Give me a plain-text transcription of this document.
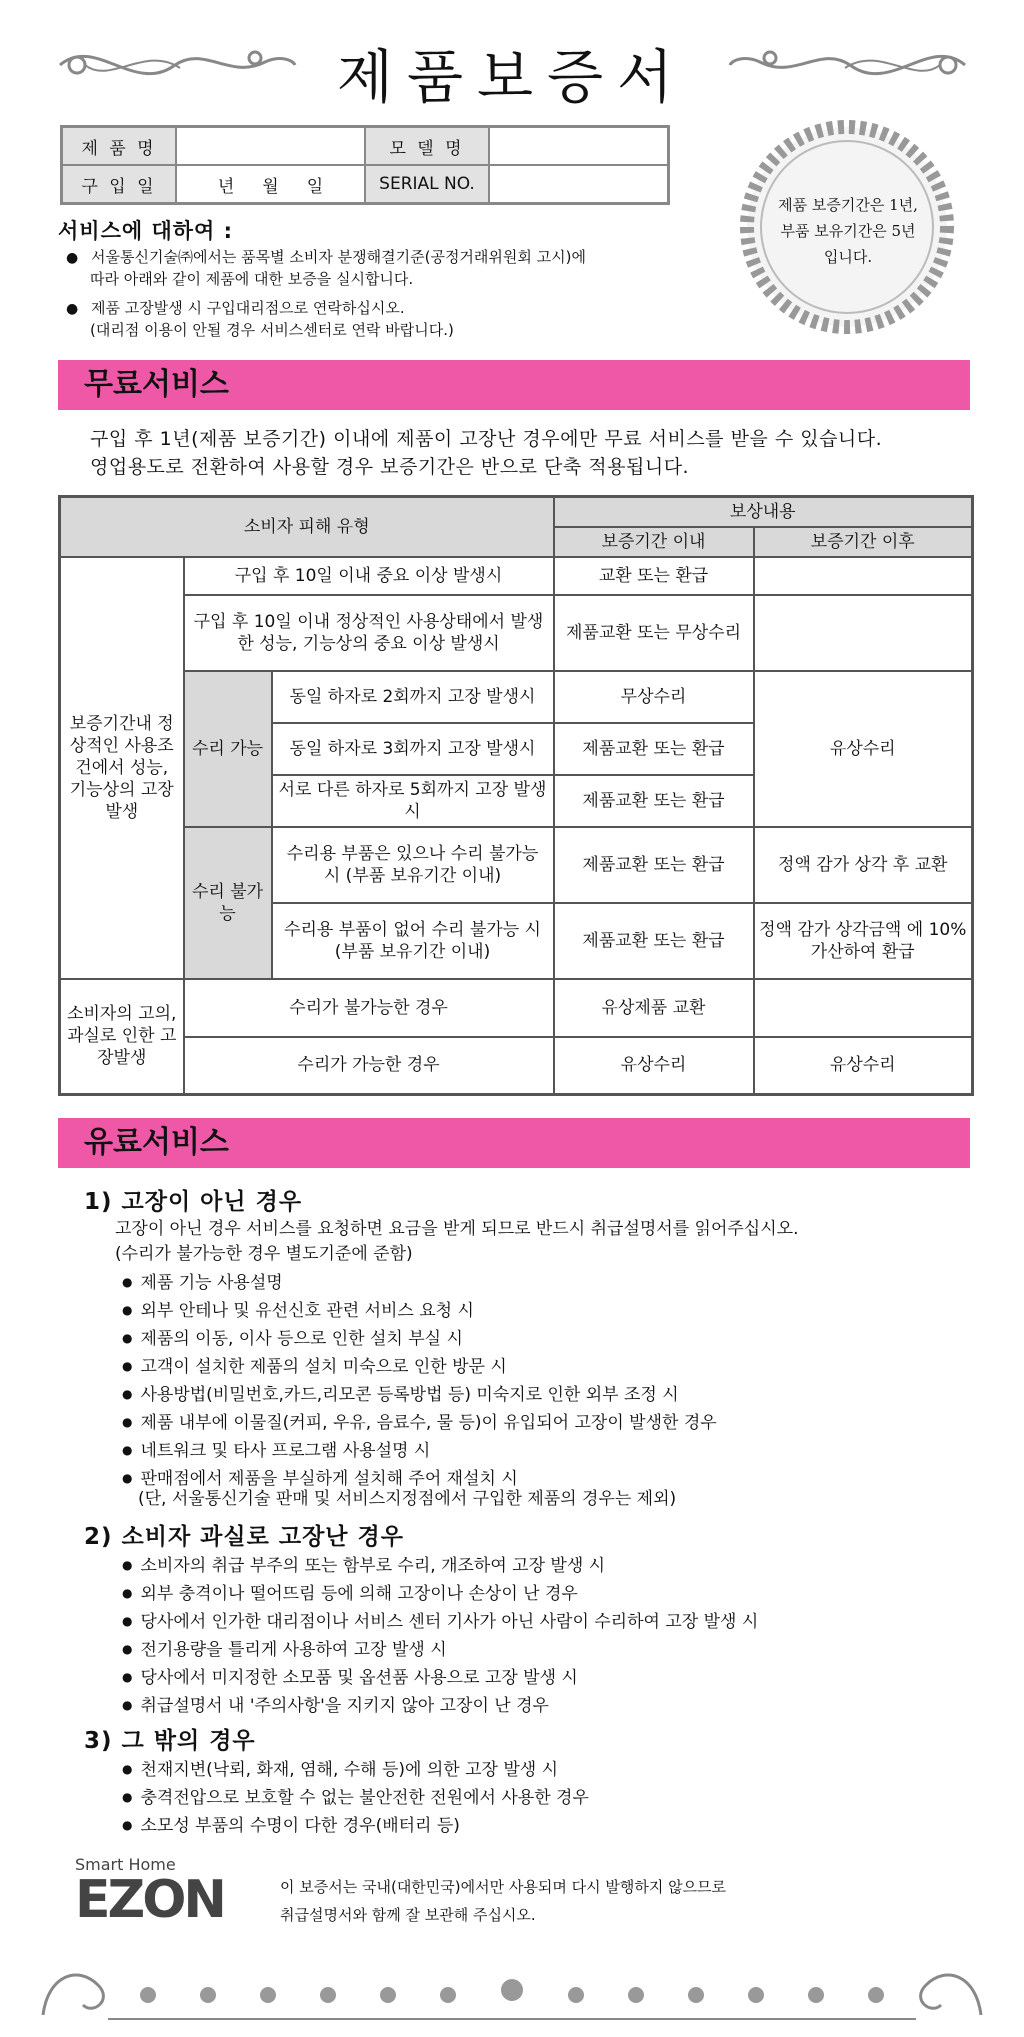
제품보증서
제 품 명		모 델 명	
구 입 일	년 월 일	SERIAL NO.	
제품 보증기간은 1년,
부품 보유기간은 5년
입니다.
서비스에 대하여 :
● 서울통신기술㈜에서는 품목별 소비자 분쟁해결기준(공정거래위원회 고시)에
따라 아래와 같이 제품에 대한 보증을 실시합니다.
● 제품 고장발생 시 구입대리점으로 연락하십시오.
(대리점 이용이 안될 경우 서비스센터로 연락 바랍니다.)
무료서비스
구입 후 1년(제품 보증기간) 이내에 제품이 고장난 경우에만 무료 서비스를 받을 수 있습니다.
영업용도로 전환하여 사용할 경우 보증기간은 반으로 단축 적용됩니다.
소비자 피해 유형			보상내용	
			보증기간 이내	보증기간 이후
보증기간내 정상적인 사용조건에서 성능, 기능상의 고장발생	구입 후 10일 이내 중요 이상 발생시		교환 또는 환급	
	구입 후 10일 이내 정상적인 사용상태에서 발생한 성능, 기능상의 중요 이상 발생시		제품교환 또는 무상수리	
	수리 가능	동일 하자로 2회까지 고장 발생시	무상수리	유상수리
		동일 하자로 3회까지 고장 발생시	제품교환 또는 환급	
		서로 다른 하자로 5회까지 고장 발생시	제품교환 또는 환급	
	수리 불가능	수리용 부품은 있으나 수리 불가능 시 (부품 보유기간 이내)	제품교환 또는 환급	정액 감가 상각 후 교환
		수리용 부품이 없어 수리 불가능 시 (부품 보유기간 이내)	제품교환 또는 환급	정액 감가 상각금액 에 10% 가산하여 환급
소비자의 고의, 과실로 인한 고장발생	수리가 불가능한 경우		유상제품 교환	
	수리가 가능한 경우		유상수리	유상수리
유료서비스
1) 고장이 아닌 경우
고장이 아닌 경우 서비스를 요청하면 요금을 받게 되므로 반드시 취급설명서를 읽어주십시오.
(수리가 불가능한 경우 별도기준에 준함)
● 제품 기능 사용설명
● 외부 안테나 및 유선신호 관련 서비스 요청 시
● 제품의 이동, 이사 등으로 인한 설치 부실 시
● 고객이 설치한 제품의 설치 미숙으로 인한 방문 시
● 사용방법(비밀번호,카드,리모콘 등록방법 등) 미숙지로 인한 외부 조정 시
● 제품 내부에 이물질(커피, 우유, 음료수, 물 등)이 유입되어 고장이 발생한 경우
● 네트워크 및 타사 프로그램 사용설명 시
● 판매점에서 제품을 부실하게 설치해 주어 재설치 시
(단, 서울통신기술 판매 및 서비스지정점에서 구입한 제품의 경우는 제외)
2) 소비자 과실로 고장난 경우
● 소비자의 취급 부주의 또는 함부로 수리, 개조하여 고장 발생 시
● 외부 충격이나 떨어뜨림 등에 의해 고장이나 손상이 난 경우
● 당사에서 인가한 대리점이나 서비스 센터 기사가 아닌 사람이 수리하여 고장 발생 시
● 전기용량을 틀리게 사용하여 고장 발생 시
● 당사에서 미지정한 소모품 및 옵션품 사용으로 고장 발생 시
● 취급설명서 내 '주의사항'을 지키지 않아 고장이 난 경우
3) 그 밖의 경우
● 천재지변(낙뢰, 화재, 염해, 수해 등)에 의한 고장 발생 시
● 충격전압으로 보호할 수 없는 불안전한 전원에서 사용한 경우
● 소모성 부품의 수명이 다한 경우(배터리 등)
Smart Home
EZON	이 보증서는 국내(대한민국)에서만 사용되며 다시 발행하지 않으므로
취급설명서와 함께 잘 보관해 주십시오.
